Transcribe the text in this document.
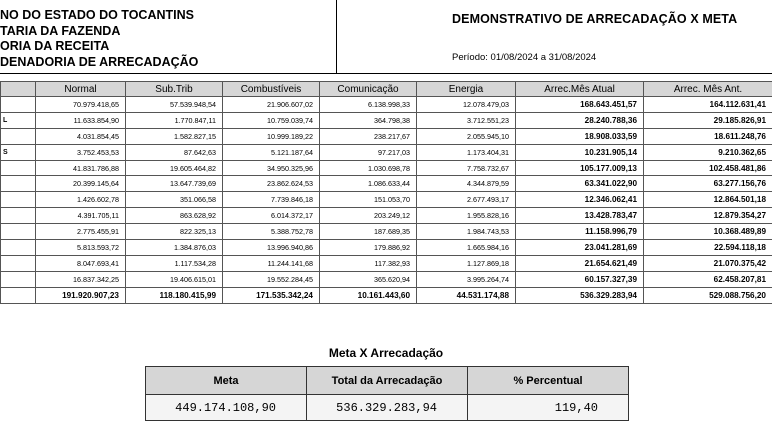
NO DO ESTADO DO TOCANTINS
TARIA DA FAZENDA
ORIA DA RECEITA
DENADORIA DE ARRECADAÇÃO
DEMONSTRATIVO DE ARRECADAÇÃO X META
Período: 01/08/2024 a 31/08/2024
	Normal	Sub.Trib	Combustíveis	Comunicação	Energia	Arrec.Mês Atual	Arrec. Mês Ant.
	70.979.418,65	57.539.948,54	21.906.607,02	6.138.998,33	12.078.479,03	168.643.451,57	164.112.631,41
L	11.633.854,90	1.770.847,11	10.759.039,74	364.798,38	3.712.551,23	28.240.788,36	29.185.826,91
	4.031.854,45	1.582.827,15	10.999.189,22	238.217,67	2.055.945,10	18.908.033,59	18.611.248,76
S	3.752.453,53	87.642,63	5.121.187,64	97.217,03	1.173.404,31	10.231.905,14	9.210.362,65
	41.831.786,88	19.605.464,82	34.950.325,96	1.030.698,78	7.758.732,67	105.177.009,13	102.458.481,86
	20.399.145,64	13.647.739,69	23.862.624,53	1.086.633,44	4.344.879,59	63.341.022,90	63.277.156,76
	1.426.602,78	351.066,58	7.739.846,18	151.053,70	2.677.493,17	12.346.062,41	12.864.501,18
	4.391.705,11	863.628,92	6.014.372,17	203.249,12	1.955.828,16	13.428.783,47	12.879.354,27
	2.775.455,91	822.325,13	5.388.752,78	187.689,35	1.984.743,53	11.158.996,79	10.368.489,89
	5.813.593,72	1.384.876,03	13.996.940,86	179.886,92	1.665.984,16	23.041.281,69	22.594.118,18
	8.047.693,41	1.117.534,28	11.244.141,68	117.382,93	1.127.869,18	21.654.621,49	21.070.375,42
	16.837.342,25	19.406.615,01	19.552.284,45	365.620,94	3.995.264,74	60.157.327,39	62.458.207,81
	191.920.907,23	118.180.415,99	171.535.342,24	10.161.443,60	44.531.174,88	536.329.283,94	529.088.756,20
Meta X Arrecadação
Meta	Total da Arrecadação	% Percentual
449.174.108,90	536.329.283,94	119,40
